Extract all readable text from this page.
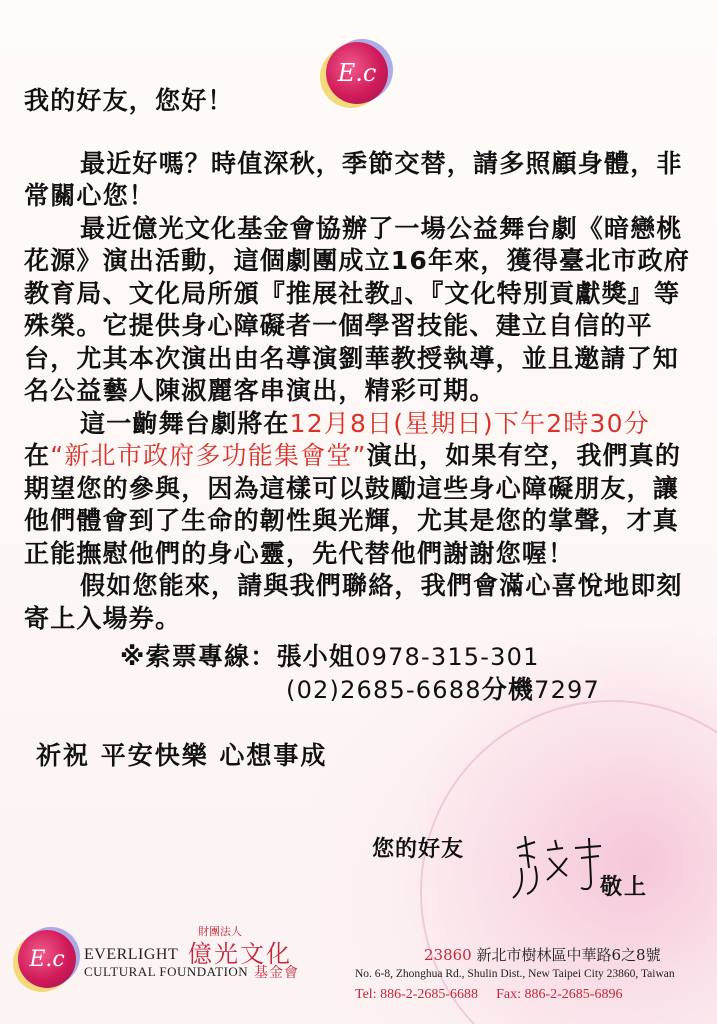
E.c

我的好友，您好！

最近好嗎？時值深秋，季節交替，請多照顧身體，非常關心您！

最近億光文化基金會協辦了一場公益舞台劇《暗戀桃花源》演出活動，這個劇團成立16年來，獲得臺北市政府教育局、文化局所頒『推展社教』、『文化特別貢獻獎』等殊榮。它提供身心障礙者一個學習技能、建立自信的平台，尤其本次演出由名導演劉華教授執導，並且邀請了知名公益藝人陳淑麗客串演出，精彩可期。

這一齣舞台劇將在12月8日(星期日)下午2時30分
在“新北市政府多功能集會堂”演出，如果有空，我們真的期望您的參與，因為這樣可以鼓勵這些身心障礙朋友，讓他們體會到了生命的韌性與光輝，尤其是您的掌聲，才真正能撫慰他們的身心靈，先代替他們謝謝您喔！

假如您能來，請與我們聯絡，我們會滿心喜悅地即刻寄上入場券。

※索票專線：張小姐0978-315-301

(02)2685-6688分機7297

祈祝 平安快樂 心想事成

您的好友
敬上
E.c
財團法人
EVERLIGHT
CULTURAL FOUNDATION
億光文化
基金會
23860 新北市樹林區中華路6之8號
No. 6-8, Zhonghua Rd., Shulin Dist., New Taipei City 23860, Taiwan
Tel: 886-2-2685-6688 Fax: 886-2-2685-6896
